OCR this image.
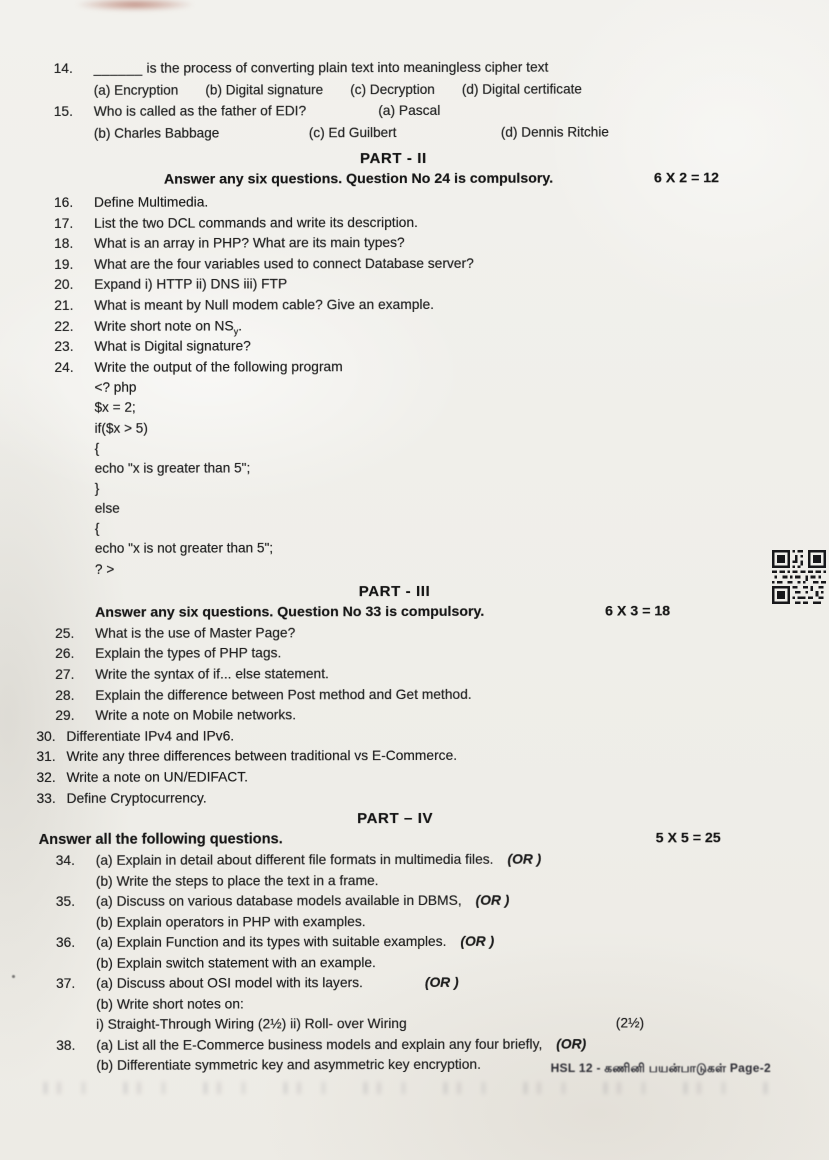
14. ______ is the process of converting plain text into meaningless cipher text
(a) Encryption (b) Digital signature (c) Decryption (d) Digital certificate
15. Who is called as the father of EDI?	(a) Pascal
(b) Charles Babbage	(c) Ed Guilbert	(d) Dennis Ritchie
PART - II
Answer any six questions. Question No 24 is compulsory.	6 X 2 = 12
16. Define Multimedia.
17. List the two DCL commands and write its description.
18. What is an array in PHP? What are its main types?
19. What are the four variables used to connect Database server?
20. Expand i) HTTP ii) DNS iii) FTP
21. What is meant by Null modem cable? Give an example.
22. Write short note on $NS_y$.
23. What is Digital signature?
24. Write the output of the following program
<? php
$x = 2;
if($x > 5)
{
echo "x is greater than 5";
}
else
{
echo "x is not greater than 5";
? >
PART - III
Answer any six questions. Question No 33 is compulsory.	6 X 3 = 18
25. What is the use of Master Page?
26. Explain the types of PHP tags.
27. Write the syntax of if... else statement.
28. Explain the difference between Post method and Get method.
29. Write a note on Mobile networks.
30. Differentiate IPv4 and IPv6.
31. Write any three differences between traditional vs E-Commerce.
32. Write a note on UN/EDIFACT.
33. Define Cryptocurrency.
PART – IV
Answer all the following questions.	5 X 5 = 25
34. (a) Explain in detail about different file formats in multimedia files. (OR )
(b) Write the steps to place the text in a frame.
35. (a) Discuss on various database models available in DBMS, (OR )
(b) Explain operators in PHP with examples.
36. (a) Explain Function and its types with suitable examples. (OR )
(b) Explain switch statement with an example.
37. (a) Discuss about OSI model with its layers.	(OR )
(b) Write short notes on:
i) Straight-Through Wiring (2½) ii) Roll- over Wiring	(2½)
38. (a) List all the E-Commerce business models and explain any four briefly, (OR)
(b) Differentiate symmetric key and asymmetric key encryption.	HSL 12 - கணினி பயன்பாடுகள் Page-2
